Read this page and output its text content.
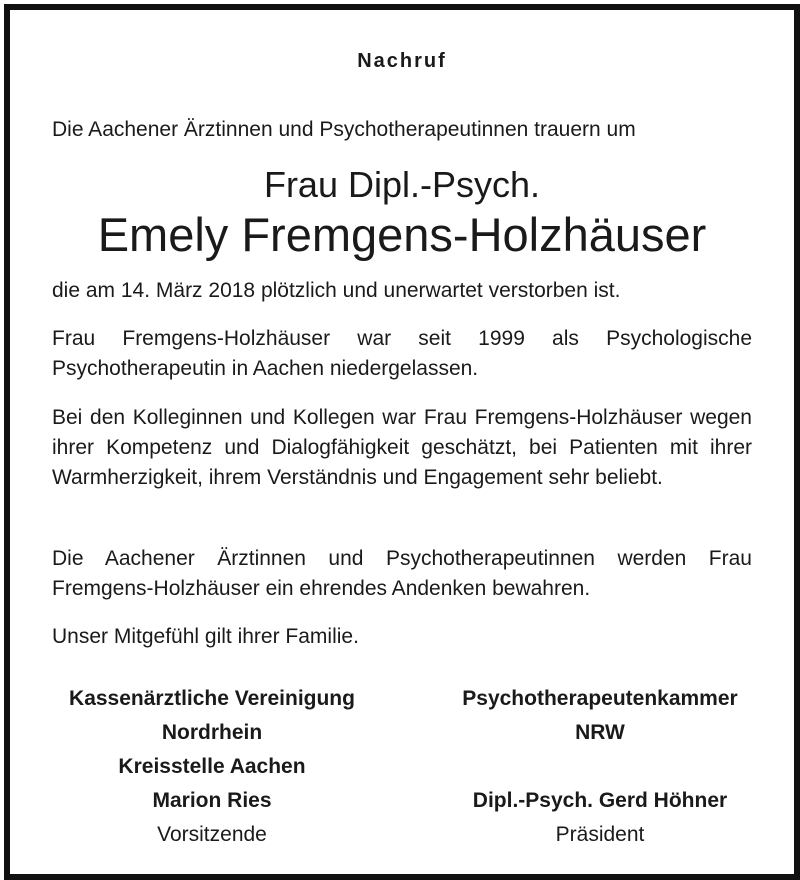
Nachruf
Die Aachener Ärztinnen und Psychotherapeutinnen trauern um
Frau Dipl.-Psych.
Emely Fremgens-Holzhäuser
die am 14. März 2018 plötzlich und unerwartet verstorben ist.
Frau Fremgens-Holzhäuser war seit 1999 als Psychologische Psychotherapeutin in Aachen niedergelassen.
Bei den Kolleginnen und Kollegen war Frau Fremgens-Holzhäuser wegen ihrer Kompetenz und Dialogfähigkeit geschätzt, bei Patienten mit ihrer Warmherzigkeit, ihrem Verständnis und Engagement sehr beliebt.
Die Aachener Ärztinnen und Psychotherapeutinnen werden Frau Fremgens-Holzhäuser ein ehrendes Andenken bewahren.
Unser Mitgefühl gilt ihrer Familie.
Kassenärztliche Vereinigung
Nordrhein
Kreisstelle Aachen
Marion Ries
Vorsitzende
Psychotherapeutenkammer
NRW

Dipl.-Psych. Gerd Höhner
Präsident
